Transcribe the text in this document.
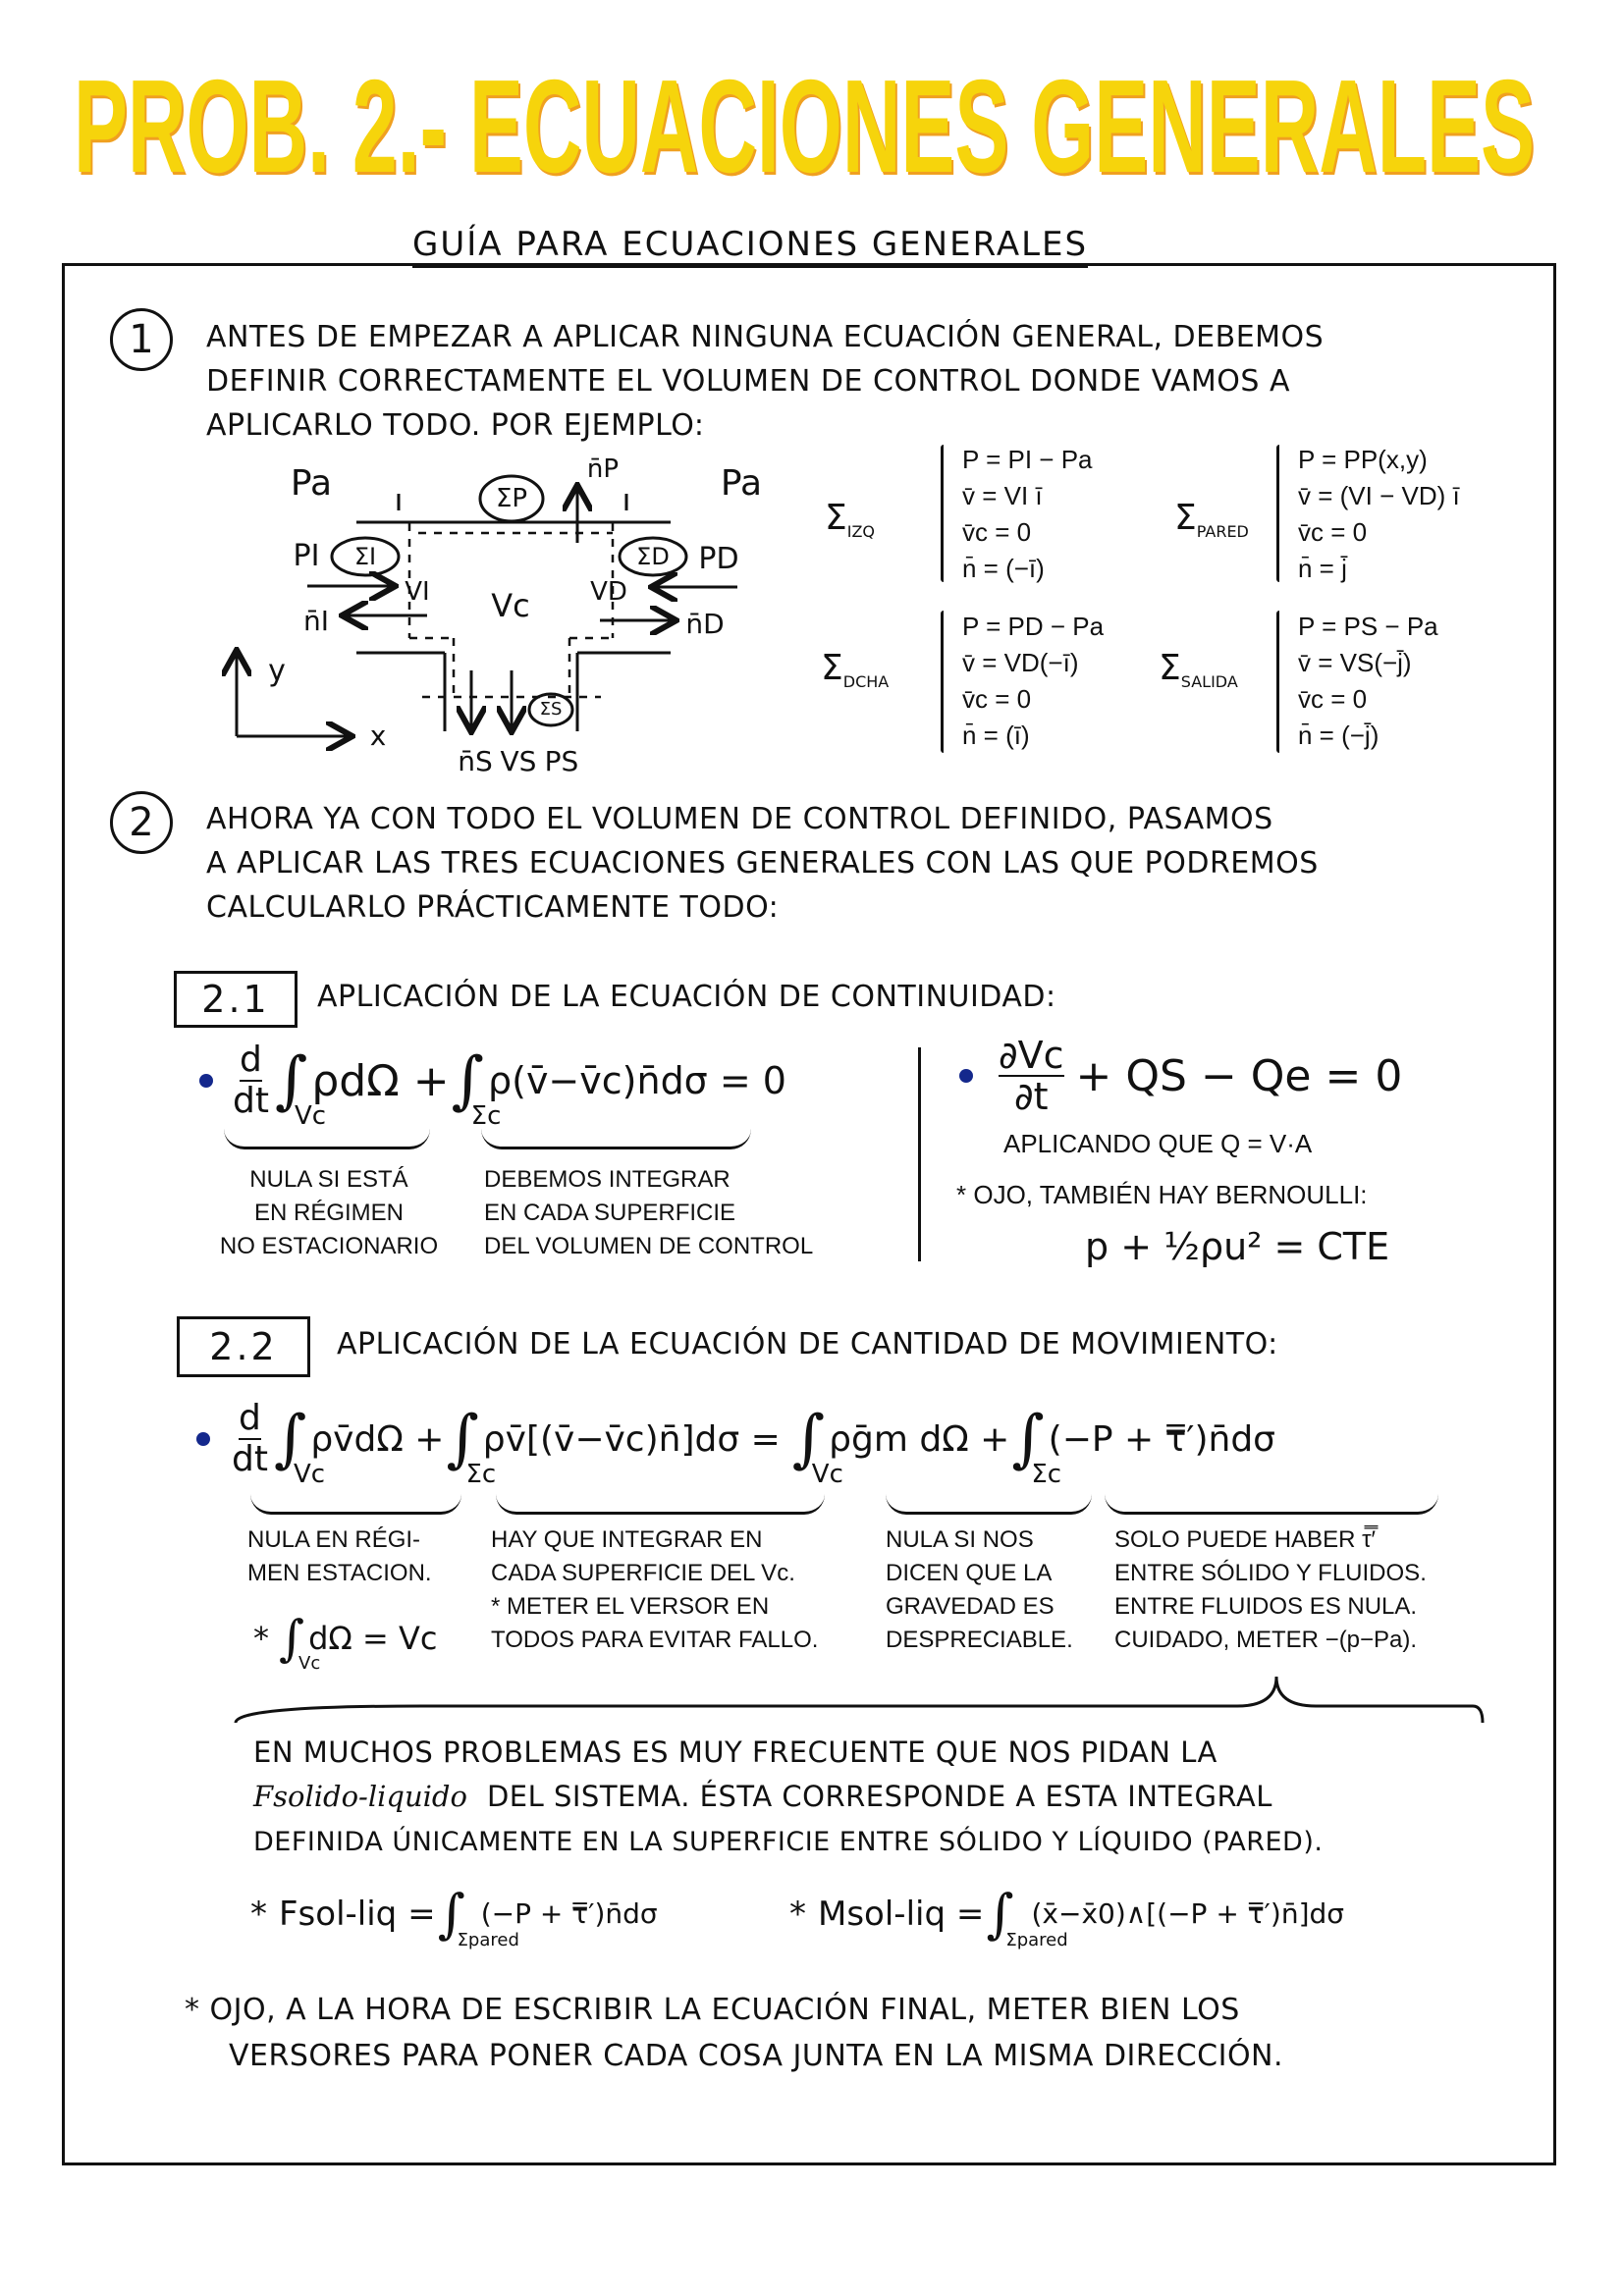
PROB. 2.- ECUACIONES GENERALES
GUÍA PARA ECUACIONES GENERALES
1	ANTES DE EMPEZAR A APLICAR NINGUNA ECUACIÓN GENERAL, DEBEMOS
DEFINIR CORRECTAMENTE EL VOLUMEN DE CONTROL DONDE VAMOS A
APLICARLO TODO. POR EJEMPLO:
Pa	Pa
n̄P
ΣP
PI ΣI	ΣD PD
VI Vc VD
n̄I	n̄D
y
x
ΣS
n̄S VS PS
$\Sigma_{IZQ}$
P = PI − Pa
v̄ = VI ī
v̄c = 0
n̄ = (−ī)
$\Sigma_{PARED}$
P = PP(x,y)
v̄ = (VI − VD) ī
v̄c = 0
n̄ = j̄
$\Sigma_{DCHA}$
P = PD − Pa
v̄ = VD(−ī)
v̄c = 0
n̄ = (ī)
$\Sigma_{SALIDA}$
P = PS − Pa
v̄ = VS(−j̄)
v̄c = 0
n̄ = (−j̄)
2	AHORA YA CON TODO EL VOLUMEN DE CONTROL DEFINIDO, PASAMOS
A APLICAR LAS TRES ECUACIONES GENERALES CON LAS QUE PODREMOS
CALCULARLO PRÁCTICAMENTE TODO:
2.1	APLICACIÓN DE LA ECUACIÓN DE CONTINUIDAD:
$\frac{d}{dt}$ ∫
Vc
ρdΩ + ∫
Σc
ρ(v̄−v̄c)n̄dσ = 0
NULA SI ESTÁ
EN RÉGIMEN
NO ESTACIONARIO
DEBEMOS INTEGRAR
EN CADA SUPERFICIE
DEL VOLUMEN DE CONTROL
$\frac{\partial Vc}{\partial t}$ + QS − Qe = 0
APLICANDO QUE Q = V·A
* OJO, TAMBIÉN HAY BERNOULLI:
p + ½ρu² = CTE
2.2	APLICACIÓN DE LA ECUACIÓN DE CANTIDAD DE MOVIMIENTO:
$\frac{d}{dt}$ ∫
Vc
ρv̄dΩ + ∫
Σc
ρv̄[(v̄−v̄c)n̄]dσ = ∫
Vc
ρḡm dΩ + ∫
Σc
(−P + τ̿′)n̄dσ
NULA EN RÉGI-
MEN ESTACION.
* ∫
Vc
dΩ = Vc
HAY QUE INTEGRAR EN
CADA SUPERFICIE DEL Vc.
* METER EL VERSOR EN
TODOS PARA EVITAR FALLO.
NULA SI NOS
DICEN QUE LA
GRAVEDAD ES
DESPRECIABLE.
SOLO PUEDE HABER τ̿′
ENTRE SÓLIDO Y FLUIDOS.
ENTRE FLUIDOS ES NULA.
CUIDADO, METER −(p−Pa).
EN MUCHOS PROBLEMAS ES MUY FRECUENTE QUE NOS PIDAN LA
Fsolido-liquido DEL SISTEMA. ÉSTA CORRESPONDE A ESTA INTEGRAL
DEFINIDA ÚNICAMENTE EN LA SUPERFICIE ENTRE SÓLIDO Y LÍQUIDO (PARED).
* Fsol-liq = ∫
Σpared
(−P + τ̿′)n̄dσ	* Msol-liq = ∫
Σpared
(x̄−x̄0)∧[(−P + τ̿′)n̄]dσ
* OJO, A LA HORA DE ESCRIBIR LA ECUACIÓN FINAL, METER BIEN LOS
VERSORES PARA PONER CADA COSA JUNTA EN LA MISMA DIRECCIÓN.
